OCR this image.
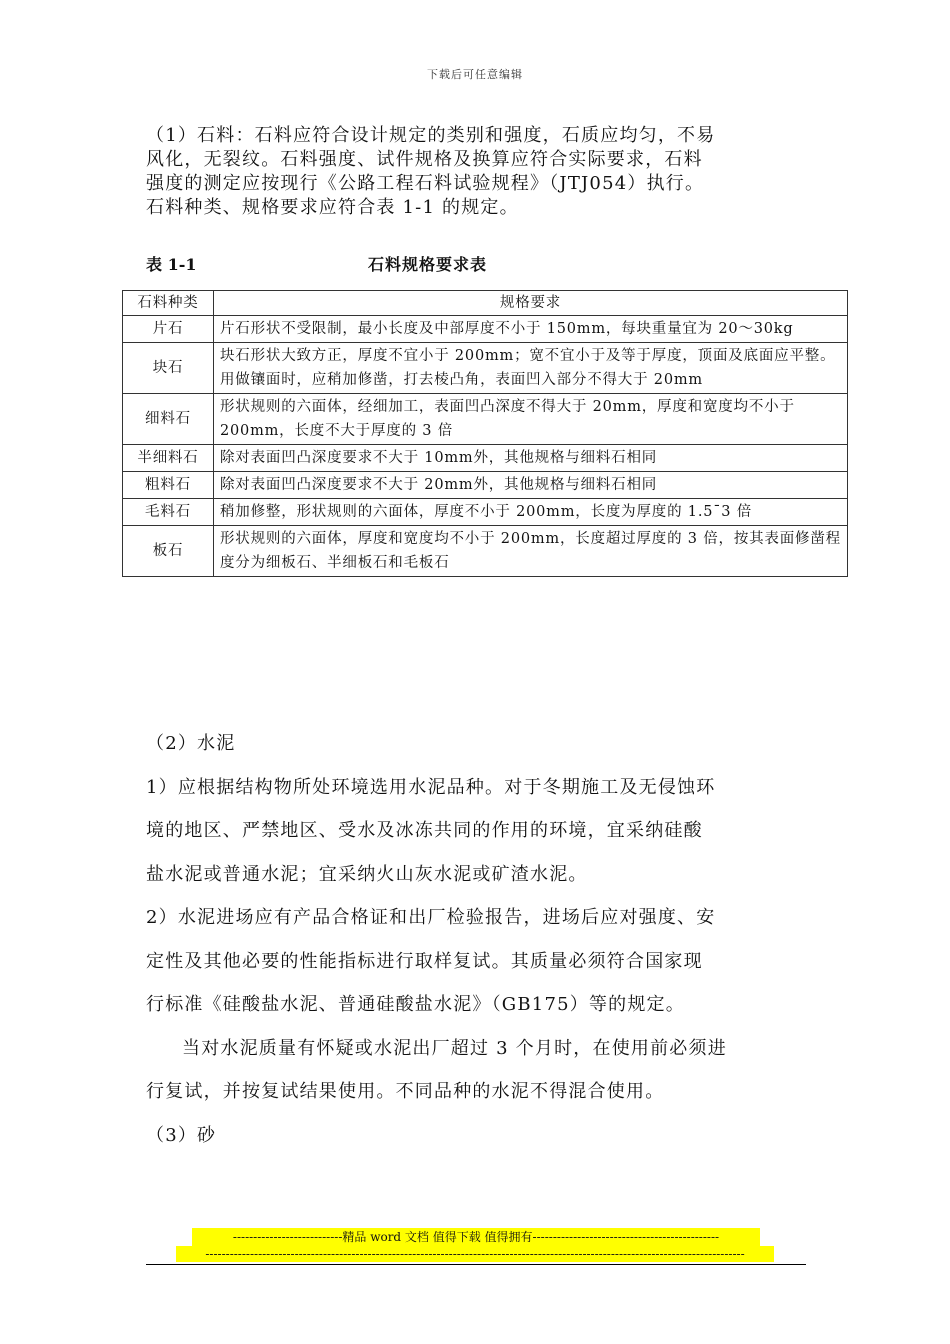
下载后可任意编辑

（1）石料：石料应符合设计规定的类别和强度，石质应均匀，不易

风化，无裂纹。石料强度、试件规格及换算应符合实际要求，石料

强度的测定应按现行《公路工程石料试验规程》（JTJ054）执行。

石料种类、规格要求应符合表 1-1 的规定。

表 1-1	石料规格要求表
石料种类	规格要求
片石	片石形状不受限制，最小长度及中部厚度不小于 150mm，每块重量宜为 20～30kg
块石	块石形状大致方正，厚度不宜小于 200mm；宽不宜小于及等于厚度，顶面及底面应平整。用做镶面时，应稍加修凿，打去棱凸角，表面凹入部分不得大于 20mm
细料石	形状规则的六面体，经细加工，表面凹凸深度不得大于 20mm，厚度和宽度均不小于 200mm，长度不大于厚度的 3 倍
半细料石	除对表面凹凸深度要求不大于 10mm外，其他规格与细料石相同
粗料石	除对表面凹凸深度要求不大于 20mm外，其他规格与细料石相同
毛料石	稍加修整，形状规则的六面体，厚度不小于 200mm，长度为厚度的 1.5ˉ3 倍
板石	形状规则的六面体，厚度和宽度均不小于 200mm，长度超过厚度的 3 倍，按其表面修凿程度分为细板石、半细板石和毛板石

（2）水泥

1）应根据结构物所处环境选用水泥品种。对于冬期施工及无侵蚀环

境的地区、严禁地区、受水及冰冻共同的作用的环境，宜采纳硅酸

盐水泥或普通水泥；宜采纳火山灰水泥或矿渣水泥。

2）水泥进场应有产品合格证和出厂检验报告，进场后应对强度、安

定性及其他必要的性能指标进行取样复试。其质量必须符合国家现

行标准《硅酸盐水泥、普通硅酸盐水泥》（GB175）等的规定。

当对水泥质量有怀疑或水泥出厂超过 3 个月时，在使用前必须进

行复试，并按复试结果使用。不同品种的水泥不得混合使用。

（3）砂

---------------------------精品 word 文档 值得下载 值得拥有----------------------------------------------
-------------------------------------------------------------------------------------------------------------------------------------
